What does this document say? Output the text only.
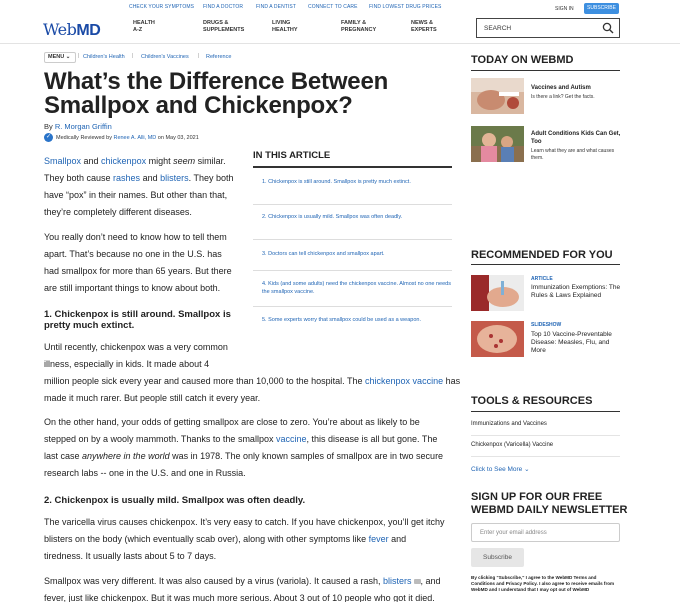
CHECK YOUR SYMPTOMS FIND A DOCTOR	FIND A DENTIST CONNECT TO CARE FIND LOWEST DRUG PRICES	SIGN IN	SUBSCRIBE
WebMD	HEALTH
A-Z
DRUGS &
SUPPLEMENTS
LIVING
HEALTHY
FAMILY &
PREGNANCY
NEWS &
EXPERTS	SEARCH
MENU ⌄	| Children's Health | Children's Vaccines | Reference
What’s the Difference Between Smallpox and Chickenpox?
By R. Morgan Griffin
✓ Medically Reviewed by Renee A. Alli, MD on May 03, 2021
Smallpox and chickenpox might seem similar.
They both cause rashes and blisters. They both
have “pox” in their names. But other than that,
they’re completely different diseases.
You really don’t need to know how to tell them
apart. That’s because no one in the U.S. has
had smallpox for more than 65 years. But there
are still important things to know about both.
IN THIS ARTICLE
1. Chickenpox is still around. Smallpox is pretty much extinct.
2. Chickenpox is usually mild. Smallpox was often deadly.
3. Doctors can tell chickenpox and smallpox apart.
4. Kids (and some adults) need the chickenpox vaccine. Almost no one needs the smallpox vaccine.
5. Some experts worry that smallpox could be used as a weapon.
1. Chickenpox is still around. Smallpox is pretty much extinct.
Until recently, chickenpox was a very common
illness, especially in kids. It made about 4
million people sick every year and caused more than 10,000 to the hospital. The chickenpox vaccine has
made it much rarer. But people still catch it every year.
On the other hand, your odds of getting smallpox are close to zero. You’re about as likely to be
stepped on by a wooly mammoth. Thanks to the smallpox vaccine, this disease is all but gone. The
last case anywhere in the world was in 1978. The only known samples of smallpox are in two secure
research labs -- one in the U.S. and one in Russia.
2. Chickenpox is usually mild. Smallpox was often deadly.
The varicella virus causes chickenpox. It’s very easy to catch. If you have chickenpox, you’ll get itchy
blisters on the body (which eventually scab over), along with other symptoms like fever and
tiredness. It usually lasts about 5 to 7 days.
Smallpox was very different. It was also caused by a virus (variola). It caused a rash, blisters , and
fever, just like chickenpox. But it was much more serious. About 3 out of 10 people who got it died.
TODAY ON WEBMD
Vaccines and Autism
Is there a link? Get the facts.
Adult Conditions Kids Can Get, Too
Learn what they are and what causes them.
RECOMMENDED FOR YOU
ARTICLE
Immunization Exemptions: The Rules & Laws Explained
SLIDESHOW
Top 10 Vaccine-Preventable Disease: Measles, Flu, and More
TOOLS & RESOURCES
Immunizations and Vaccines
Chickenpox (Varicella) Vaccine
Click to See More ⌄
SIGN UP FOR OUR FREE WEBMD DAILY NEWSLETTER
Enter your email address
Subscribe
By clicking "Subscribe," I agree to the WebMD Terms and Conditions and Privacy Policy. I also agree to receive emails from WebMD and I understand that I may opt out of WebMD
